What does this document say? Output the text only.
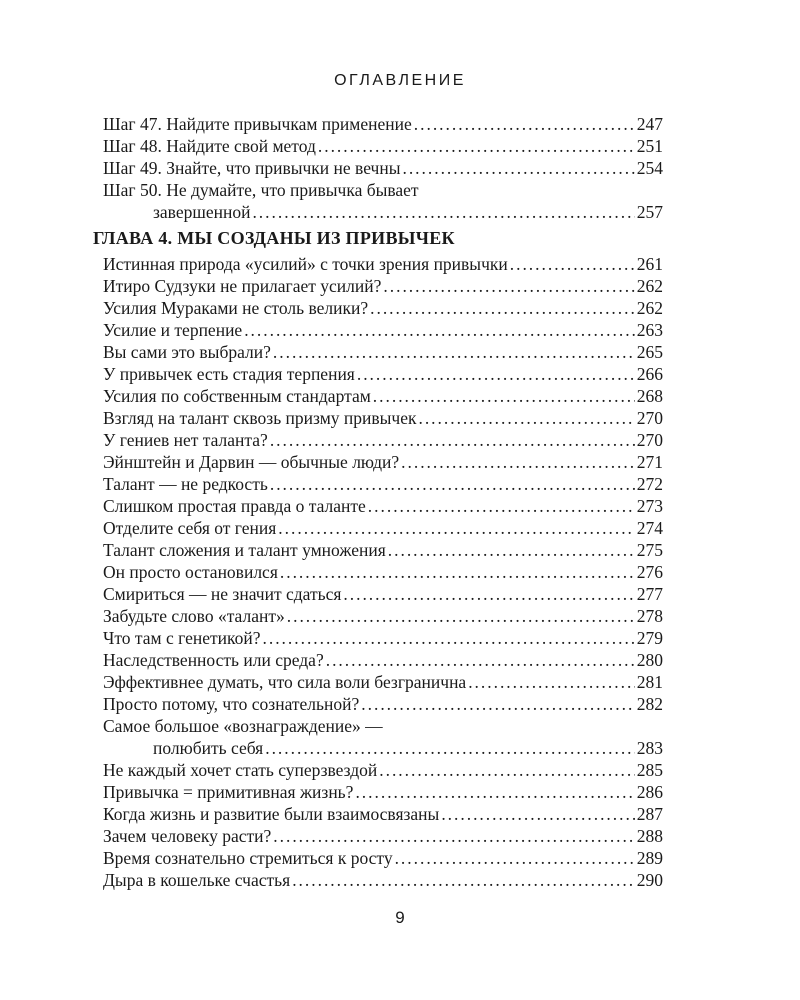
ОГЛАВЛЕНИЕ
Шаг 47. Найдите привычкам применение . . .	247
Шаг 48. Найдите свой метод . . .	251
Шаг 49. Знайте, что привычки не вечны . . .	254
Шаг 50. Не думайте, что привычка бывает
завершенной . . .	257
ГЛАВА 4. МЫ СОЗДАНЫ ИЗ ПРИВЫЧЕК
Истинная природа «усилий» с точки зрения привычки . . .	261
Итиро Судзуки не прилагает усилий? . . .	262
Усилия Мураками не столь велики? . . .	262
Усилие и терпение . . .	263
Вы сами это выбрали? . . .	265
У привычек есть стадия терпения . . .	266
Усилия по собственным стандартам . . .	268
Взгляд на талант сквозь призму привычек . . .	270
У гениев нет таланта? . . .	270
Эйнштейн и Дарвин — обычные люди? . . .	271
Талант — не редкость . . .	272
Слишком простая правда о таланте . . .	273
Отделите себя от гения . . .	274
Талант сложения и талант умножения . . .	275
Он просто остановился . . .	276
Смириться — не значит сдаться . . .	277
Забудьте слово «талант» . . .	278
Что там с генетикой? . . .	279
Наследственность или среда? . . .	280
Эффективнее думать, что сила воли безгранична . . .	281
Просто потому, что сознательной? . . .	282
Самое большое «вознаграждение» —
полюбить себя . . .	283
Не каждый хочет стать суперзвездой . . .	285
Привычка = примитивная жизнь? . . .	286
Когда жизнь и развитие были взаимосвязаны . . .	287
Зачем человеку расти? . . .	288
Время сознательно стремиться к росту . . .	289
Дыра в кошельке счастья . . .	290
9
